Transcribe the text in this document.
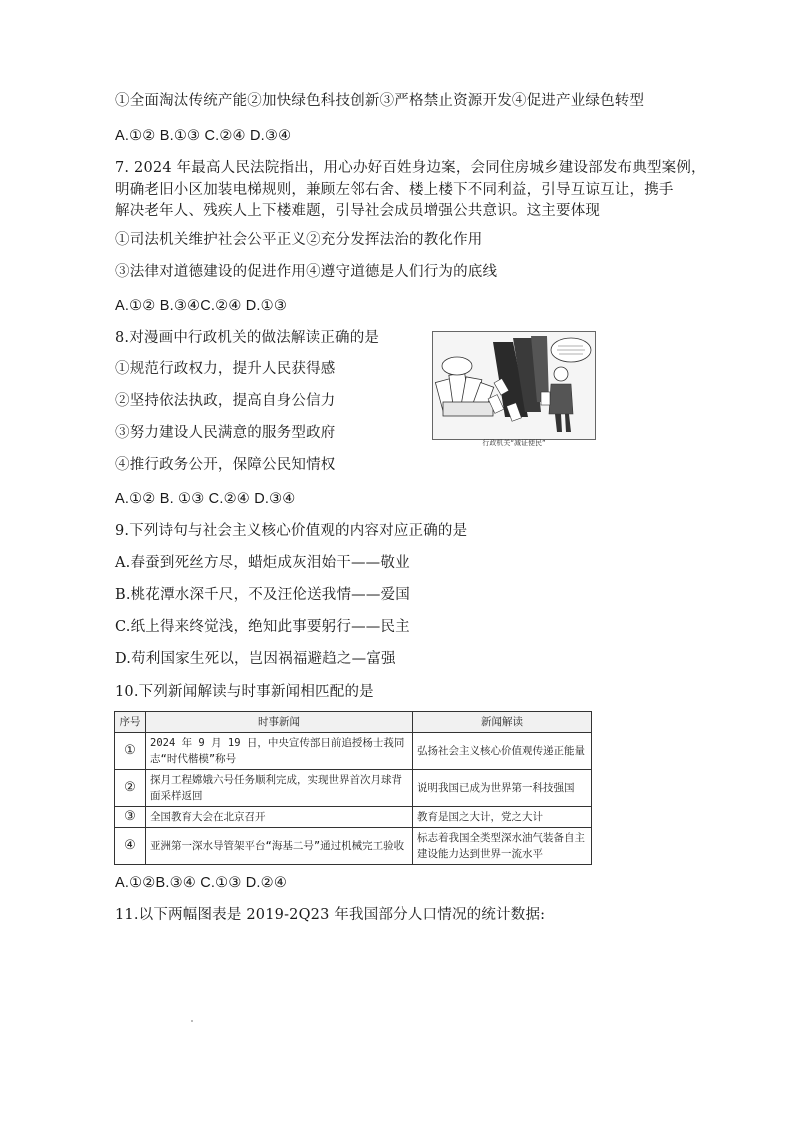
①全面淘汰传统产能②加快绿色科技创新③严格禁止资源开发④促进产业绿色转型
A.①② B.①③ C.②④ D.③④
7. 2024 年最高人民法院指出，用心办好百姓身边案，会同住房城乡建设部发布典型案例，
明确老旧小区加装电梯规则，兼顾左邻右舍、楼上楼下不同利益，引导互谅互让，携手
解决老年人、残疾人上下楼难题，引导社会成员增强公共意识。这主要体现
①司法机关维护社会公平正义②充分发挥法治的教化作用
③法律对道德建设的促进作用④遵守道德是人们行为的底线
A.①② B.③④C.②④ D.①③
8.对漫画中行政机关的做法解读正确的是
①规范行政权力，提升人民获得感
②坚持依法执政，提高自身公信力
③努力建设人民满意的服务型政府
④推行政务公开，保障公民知情权
A.①② B. ①③ C.②④ D.③④
行政机关“减证便民”
9.下列诗句与社会主义核心价值观的内容对应正确的是
A.春蚕到死丝方尽，蜡炬成灰泪始干——敬业
B.桃花潭水深千尺，不及汪伦送我情——爱国
C.纸上得来终觉浅，绝知此事要躬行——民主
D.苟利国家生死以，岂因祸福避趋之—富强
10.下列新闻解读与时事新闻相匹配的是
序号	时事新闻	新闻解读
①	2024 年 9 月 19 日，中央宣传部日前追授杨士莪同志“时代楷模”称号	弘扬社会主义核心价值观传递正能量
②	探月工程嫦娥六号任务顺利完成，实现世界首次月球背面采样返回	说明我国已成为世界第一科技强国
③	全国教育大会在北京召开	教育是国之大计，党之大计
④	亚洲第一深水导管架平台“海基二号”通过机械完工验收	标志着我国全类型深水油气装备自主建设能力达到世界一流水平
A.①②B.③④ C.①③ D.②④
11.以下两幅图表是 2019-2Q23 年我国部分人口情况的统计数据:
